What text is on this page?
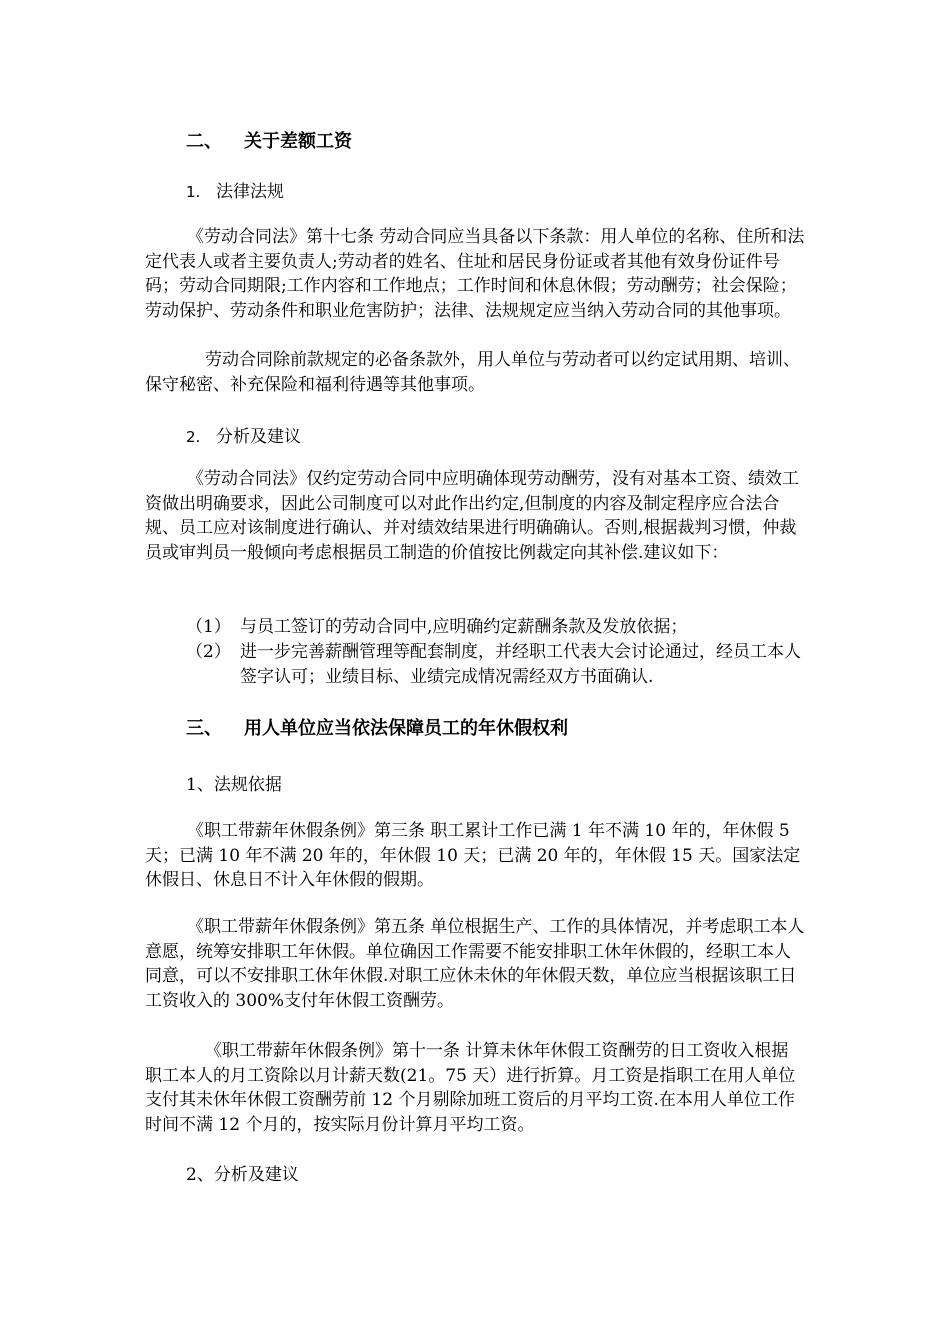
二、 关于差额工资
1. 法律法规

《劳动合同法》第十七条 劳动合同应当具备以下条款：用人单位的名称、住所和法定代表人或者主要负责人;劳动者的姓名、住址和居民身份证或者其他有效身份证件号码；劳动合同期限;工作内容和工作地点；工作时间和休息休假；劳动酬劳；社会保险；劳动保护、劳动条件和职业危害防护；法律、法规规定应当纳入劳动合同的其他事项。

劳动合同除前款规定的必备条款外，用人单位与劳动者可以约定试用期、培训、保守秘密、补充保险和福利待遇等其他事项。

2. 分析及建议

《劳动合同法》仅约定劳动合同中应明确体现劳动酬劳，没有对基本工资、绩效工资做出明确要求，因此公司制度可以对此作出约定,但制度的内容及制定程序应合法合规、员工应对该制度进行确认、并对绩效结果进行明确确认。否则,根据裁判习惯，仲裁员或审判员一般倾向考虑根据员工制造的价值按比例裁定向其补偿.建议如下：

（1） 与员工签订的劳动合同中,应明确约定薪酬条款及发放依据；
（2） 进一步完善薪酬管理等配套制度，并经职工代表大会讨论通过，经员工本人签字认可；业绩目标、业绩完成情况需经双方书面确认.
三、 用人单位应当依法保障员工的年休假权利
1、法规依据

《职工带薪年休假条例》第三条 职工累计工作已满 1 年不满 10 年的，年休假 5 天；已满 10 年不满 20 年的，年休假 10 天；已满 20 年的，年休假 15 天。国家法定休假日、休息日不计入年休假的假期。

《职工带薪年休假条例》第五条 单位根据生产、工作的具体情况，并考虑职工本人意愿，统筹安排职工年休假。单位确因工作需要不能安排职工休年休假的，经职工本人同意，可以不安排职工休年休假.对职工应休未休的年休假天数，单位应当根据该职工日工资收入的 300%支付年休假工资酬劳。

《职工带薪年休假条例》第十一条 计算未休年休假工资酬劳的日工资收入根据职工本人的月工资除以月计薪天数(21。75 天）进行折算。月工资是指职工在用人单位支付其未休年休假工资酬劳前 12 个月剔除加班工资后的月平均工资.在本用人单位工作时间不满 12 个月的，按实际月份计算月平均工资。

2、分析及建议
